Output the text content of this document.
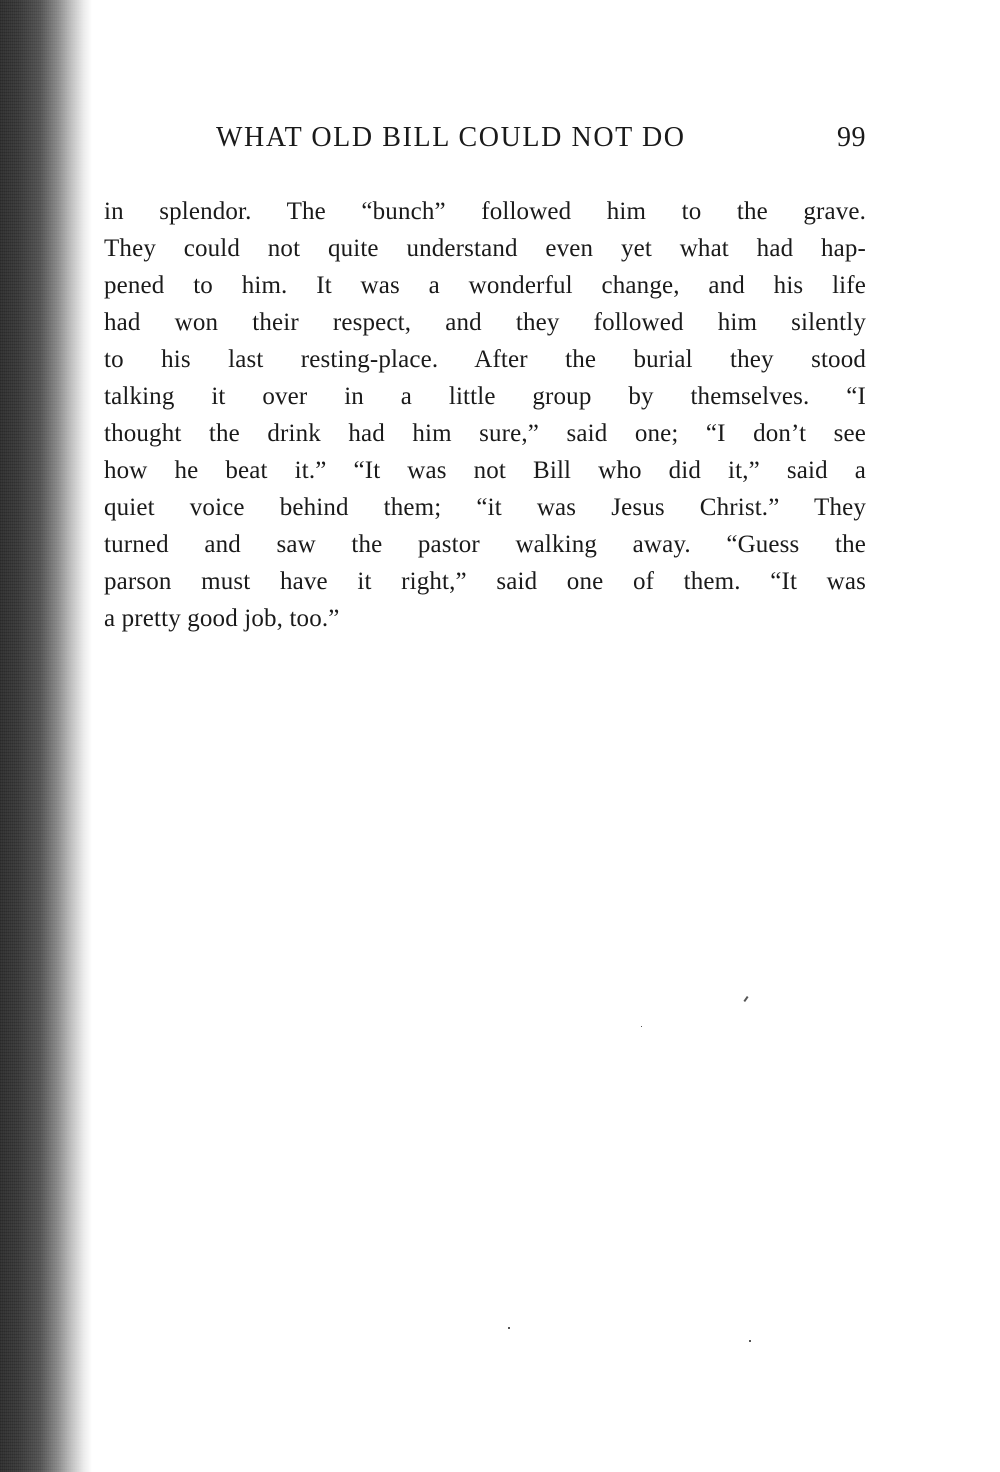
WHAT OLD BILL COULD NOT DO	99
in splendor. The “bunch” followed him to the grave.
They could not quite understand even yet what had hap-
pened to him. It was a wonderful change, and his life
had won their respect, and they followed him silently
to his last resting-place. After the burial they stood
talking it over in a little group by themselves. “I
thought the drink had him sure,” said one; “I don’t see
how he beat it.” “It was not Bill who did it,” said a
quiet voice behind them; “it was Jesus Christ.” They
turned and saw the pastor walking away. “Guess the
parson must have it right,” said one of them. “It was
a pretty good job, too.”
